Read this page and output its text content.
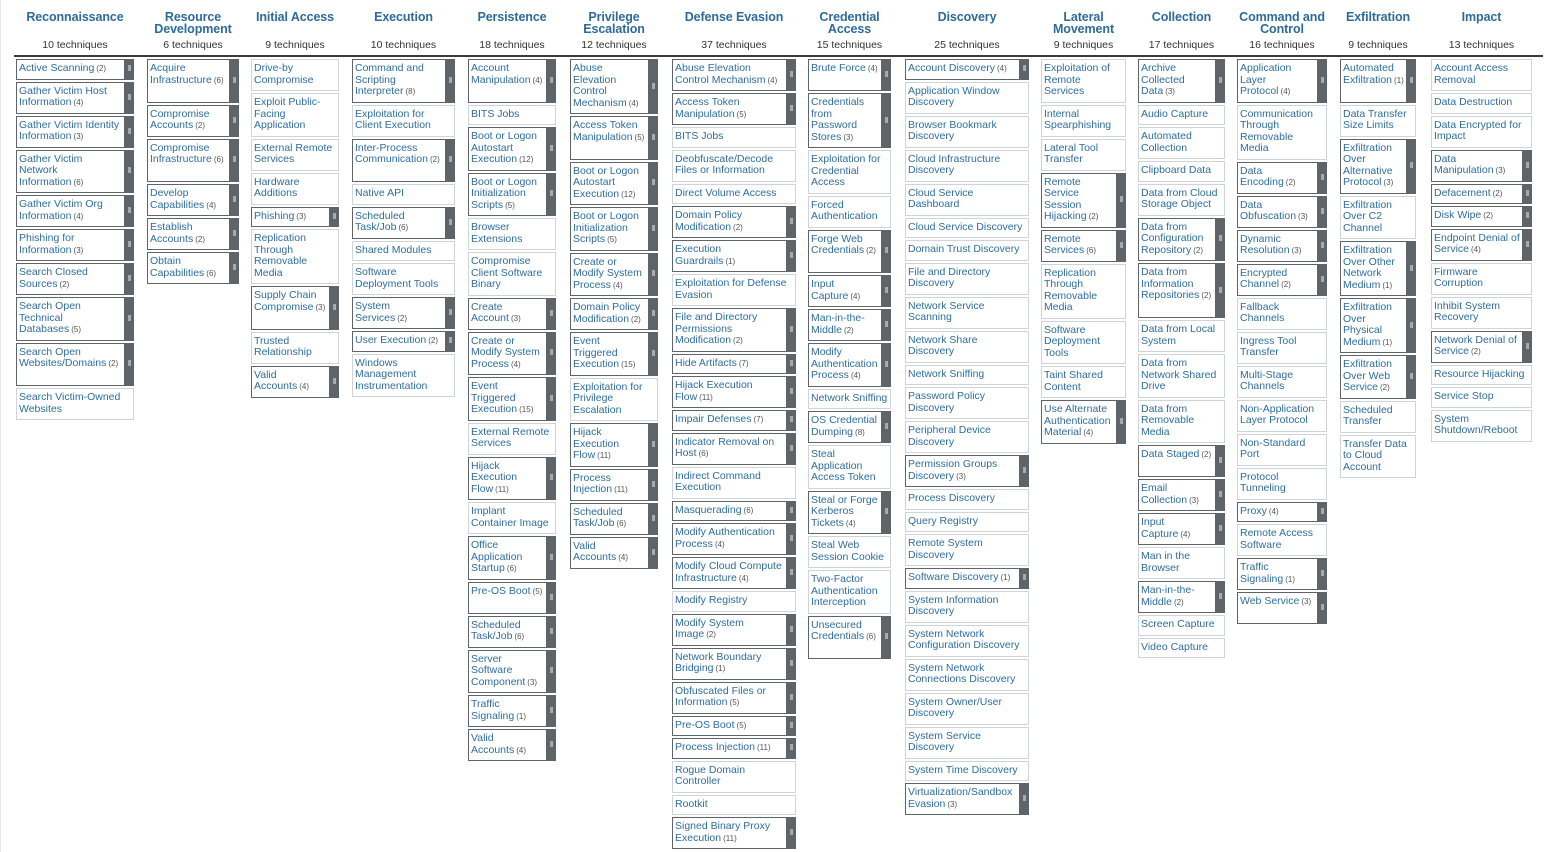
Reconnaissance
10 techniques
Active Scanning (2)	‖
Gather Victim Host Information (4)
‖
Gather Victim Identity Information (3)
‖
Gather Victim Network Information (6)
‖
Gather Victim Org Information (4)
‖
Phishing for Information (3)
‖
Search Closed Sources (2)
‖
Search Open Technical Databases (5)
‖
Search Open Websites/Domains (2)	‖
Search Victim-Owned Websites
Resource Development
6 techniques
Acquire Infrastructure (6)	‖
Compromise Accounts (2)
‖
Compromise Infrastructure (6)	‖
Develop Capabilities (4)
‖
Establish Accounts (2)
‖
Obtain Capabilities (6)
‖
Initial Access
9 techniques
Drive-by Compromise
Exploit Public-Facing Application
External Remote Services
Hardware Additions
Phishing (3)	‖
Replication Through Removable Media
Supply Chain Compromise (3) ‖
Trusted Relationship
Valid Accounts (4)
‖
Execution
10 techniques
Command and Scripting Interpreter (8)
‖
Exploitation for Client Execution
Inter-Process Communication (2)	‖
Native API
Scheduled Task/Job (6)
‖
Shared Modules
Software Deployment Tools
System Services (2)
‖
User Execution (2)	‖
Windows Management Instrumentation
Persistence
18 techniques
Account Manipulation (4) ‖
BITS Jobs
Boot or Logon Autostart Execution (12)
‖
Boot or Logon Initialization Scripts (5)
‖
Browser Extensions
Compromise Client Software Binary
Create Account (3)
‖
Create or Modify System Process (4)
‖
Event Triggered Execution (15)
‖
External Remote Services
Hijack Execution Flow (11)
‖
Implant Container Image
Office Application Startup (6)
‖
Pre-OS Boot (5)
‖
Scheduled Task/Job (6)
‖
Server Software Component (3)
‖
Traffic Signaling (1)
‖
Valid Accounts (4)
‖
Privilege Escalation
12 techniques
Abuse Elevation Control Mechanism (4)
‖
Access Token Manipulation (5) ‖
Boot or Logon Autostart Execution (12)
‖
Boot or Logon Initialization Scripts (5)
‖
Create or Modify System Process (4)
‖
Domain Policy Modification (2)
‖
Event Triggered Execution (15)
‖
Exploitation for Privilege Escalation
Hijack Execution Flow (11)
‖
Process Injection (11)
‖
Scheduled Task/Job (6)
‖
Valid Accounts (4)
‖
Defense Evasion
37 techniques
Abuse Elevation Control Mechanism (4)
‖
Access Token Manipulation (5)
‖
BITS Jobs
Deobfuscate/Decode Files or Information
Direct Volume Access
Domain Policy Modification (2)
‖
Execution Guardrails (1)
‖
Exploitation for Defense Evasion
File and Directory Permissions Modification (2)
‖
Hide Artifacts (7)	‖
Hijack Execution Flow (11)
‖
Impair Defenses (7)	‖
Indicator Removal on Host (6)
‖
Indirect Command Execution
Masquerading (6)	‖
Modify Authentication Process (4)
‖
Modify Cloud Compute Infrastructure (4)
‖
Modify Registry
Modify System Image (2)
‖
Network Boundary Bridging (1)
‖
Obfuscated Files or Information (5)
‖
Pre-OS Boot (5)	‖
Process Injection (11)	‖
Rogue Domain Controller
Rootkit
Signed Binary Proxy Execution (11)
‖
Credential Access
15 techniques
Brute Force (4)
‖
Credentials from Password Stores (3)
‖
Exploitation for Credential Access
Forced Authentication
Forge Web Credentials (2)	‖
Input Capture (4)
‖
Man-in-the-Middle (2)
‖
Modify Authentication Process (4)
‖
Network Sniffing
OS Credential Dumping (8)
‖
Steal Application Access Token
Steal or Forge Kerberos Tickets (4)
‖
Steal Web Session Cookie
Two-Factor Authentication Interception
Unsecured Credentials (6)	‖
Discovery
25 techniques
Account Discovery (4)	‖
Application Window Discovery
Browser Bookmark Discovery
Cloud Infrastructure Discovery
Cloud Service Dashboard
Cloud Service Discovery
Domain Trust Discovery
File and Directory Discovery
Network Service Scanning
Network Share Discovery
Network Sniffing
Password Policy Discovery
Peripheral Device Discovery
Permission Groups Discovery (3)
‖
Process Discovery
Query Registry
Remote System Discovery
Software Discovery (1)	‖
System Information Discovery
System Network Configuration Discovery
System Network Connections Discovery
System Owner/User Discovery
System Service Discovery
System Time Discovery
Virtualization/Sandbox Evasion (3)
‖
Lateral Movement
9 techniques
Exploitation of Remote Services
Internal Spearphishing
Lateral Tool Transfer
Remote Service Session Hijacking (2)
‖
Remote Services (6)
‖
Replication Through Removable Media
Software Deployment Tools
Taint Shared Content
Use Alternate Authentication Material (4)
‖
Collection
17 techniques
Archive Collected Data (3)
‖
Audio Capture
Automated Collection
Clipboard Data
Data from Cloud Storage Object
Data from Configuration Repository (2)
‖
Data from Information Repositories (2)
‖
Data from Local System
Data from Network Shared Drive
Data from Removable Media
Data Staged (2)
‖
Email Collection (3)
‖
Input Capture (4)
‖
Man in the Browser
Man-in-the-Middle (2)
‖
Screen Capture
Video Capture
Command and Control
16 techniques
Application Layer Protocol (4)
‖
Communication Through Removable Media
Data Encoding (2)
‖
Data Obfuscation (3)
‖
Dynamic Resolution (3)
‖
Encrypted Channel (2)
‖
Fallback Channels
Ingress Tool Transfer
Multi-Stage Channels
Non-Application Layer Protocol
Non-Standard Port
Protocol Tunneling
Proxy (4)	‖
Remote Access Software
Traffic Signaling (1)
‖
Web Service (3)
‖
Exfiltration
9 techniques
Automated Exfiltration (1) ‖
Data Transfer Size Limits
Exfiltration Over Alternative Protocol (3)
‖
Exfiltration Over C2 Channel
Exfiltration Over Other Network Medium (1)
‖
Exfiltration Over Physical Medium (1)
‖
Exfiltration Over Web Service (2)
‖
Scheduled Transfer
Transfer Data to Cloud Account
Impact
13 techniques
Account Access Removal
Data Destruction
Data Encrypted for Impact
Data Manipulation (3)
‖
Defacement (2)	‖
Disk Wipe (2)	‖
Endpoint Denial of Service (4)
‖
Firmware Corruption
Inhibit System Recovery
Network Denial of Service (2)
‖
Resource Hijacking
Service Stop
System Shutdown/Reboot
